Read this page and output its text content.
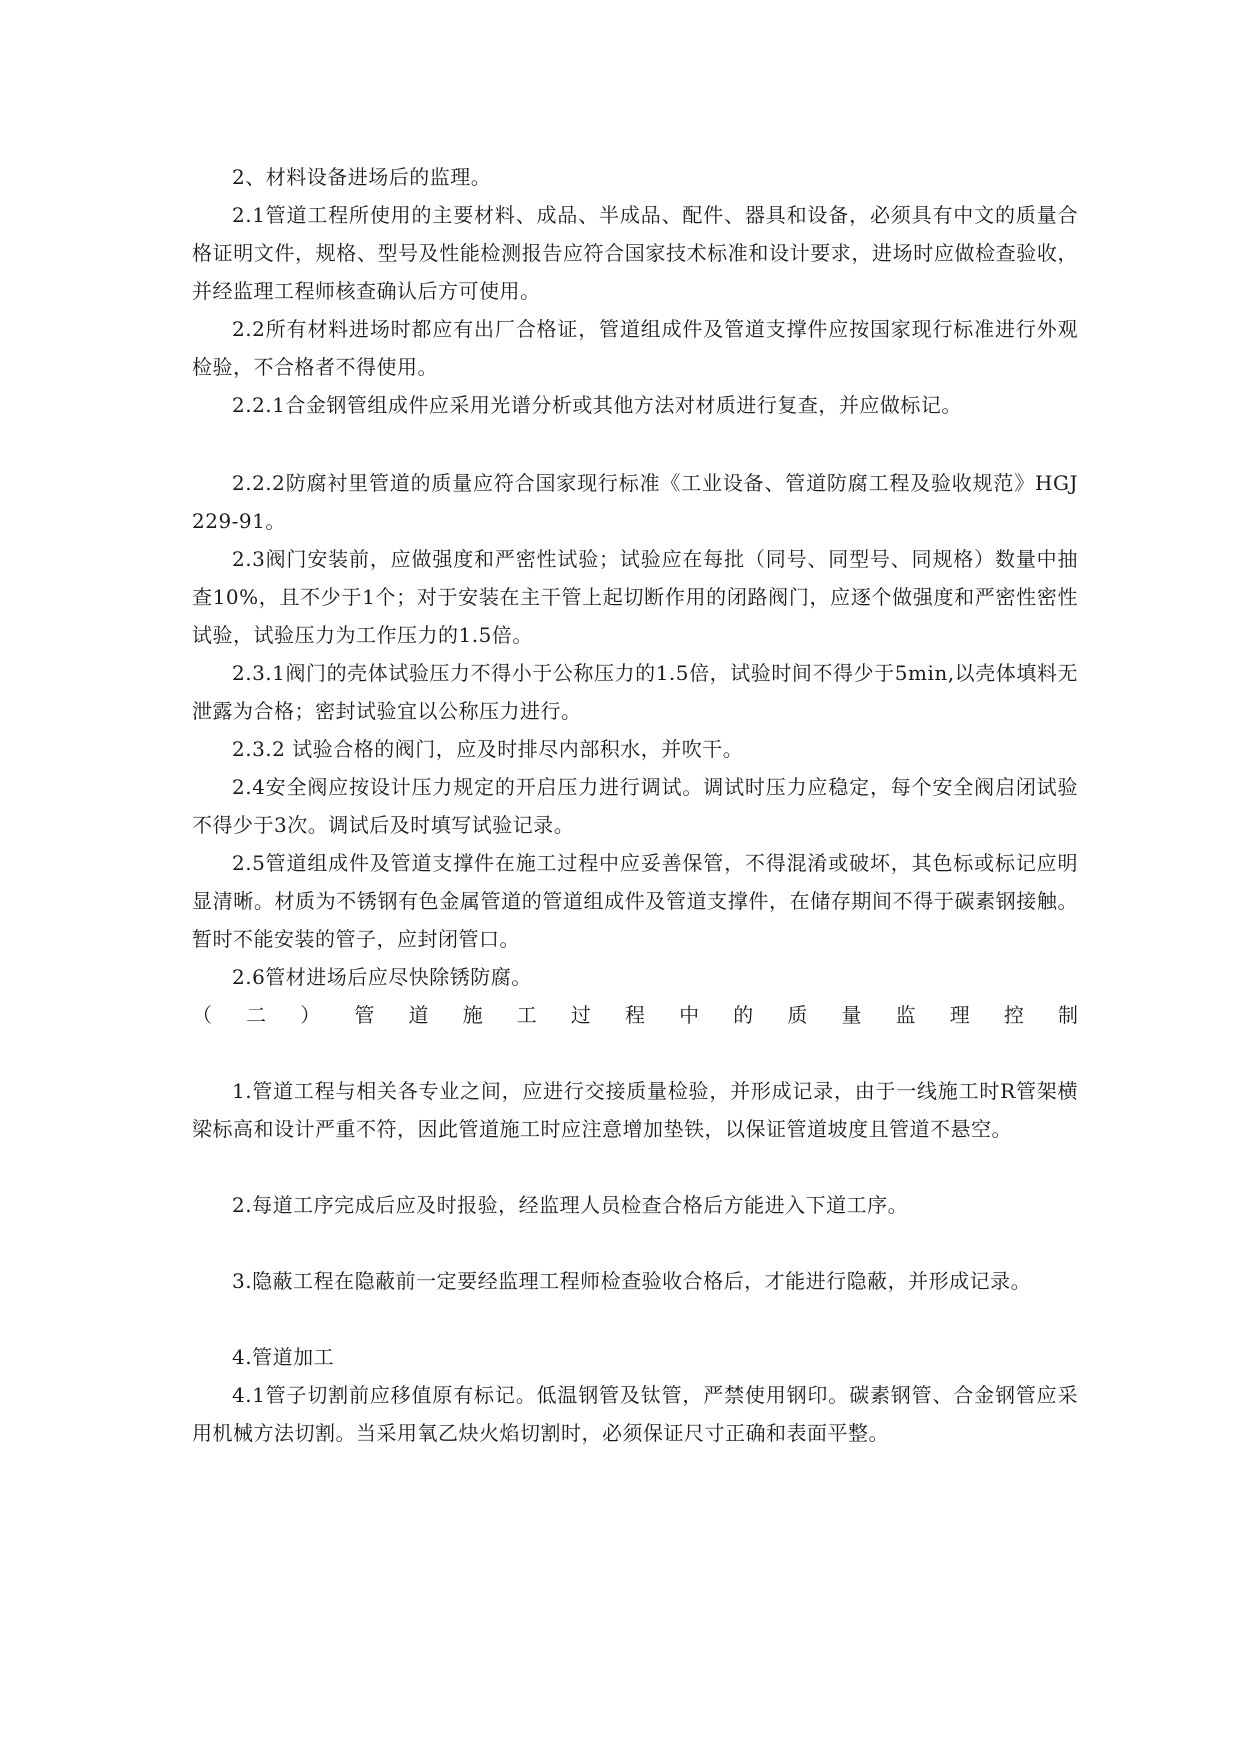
2、材料设备进场后的监理。

2.1管道工程所使用的主要材料、成品、半成品、配件、器具和设备，必须具有中文的质量合格证明文件，规格、型号及性能检测报告应符合国家技术标准和设计要求，进场时应做检查验收，并经监理工程师核查确认后方可使用。

2.2所有材料进场时都应有出厂合格证，管道组成件及管道支撑件应按国家现行标准进行外观检验，不合格者不得使用。

2.2.1合金钢管组成件应采用光谱分析或其他方法对材质进行复查，并应做标记。

2.2.2防腐衬里管道的质量应符合国家现行标准《工业设备、管道防腐工程及验收规范》HGJ229-91。

2.3阀门安装前，应做强度和严密性试验；试验应在每批（同号、同型号、同规格）数量中抽查10%，且不少于1个；对于安装在主干管上起切断作用的闭路阀门，应逐个做强度和严密性密性试验，试验压力为工作压力的1.5倍。

2.3.1阀门的壳体试验压力不得小于公称压力的1.5倍，试验时间不得少于5min,以壳体填料无泄露为合格；密封试验宜以公称压力进行。

2.3.2 试验合格的阀门，应及时排尽内部积水，并吹干。

2.4安全阀应按设计压力规定的开启压力进行调试。调试时压力应稳定，每个安全阀启闭试验不得少于3次。调试后及时填写试验记录。

2.5管道组成件及管道支撑件在施工过程中应妥善保管，不得混淆或破坏，其色标或标记应明显清晰。材质为不锈钢有色金属管道的管道组成件及管道支撑件，在储存期间不得于碳素钢接触。暂时不能安装的管子，应封闭管口。

2.6管材进场后应尽快除锈防腐。

（二）管道施工过程中的质量监理控制

1.管道工程与相关各专业之间，应进行交接质量检验，并形成记录，由于一线施工时R管架横梁标高和设计严重不符，因此管道施工时应注意增加垫铁，以保证管道坡度且管道不悬空。

2.每道工序完成后应及时报验，经监理人员检查合格后方能进入下道工序。

3.隐蔽工程在隐蔽前一定要经监理工程师检查验收合格后，才能进行隐蔽，并形成记录。

4.管道加工

4.1管子切割前应移值原有标记。低温钢管及钛管，严禁使用钢印。碳素钢管、合金钢管应采用机械方法切割。当采用氧乙炔火焰切割时，必须保证尺寸正确和表面平整。
